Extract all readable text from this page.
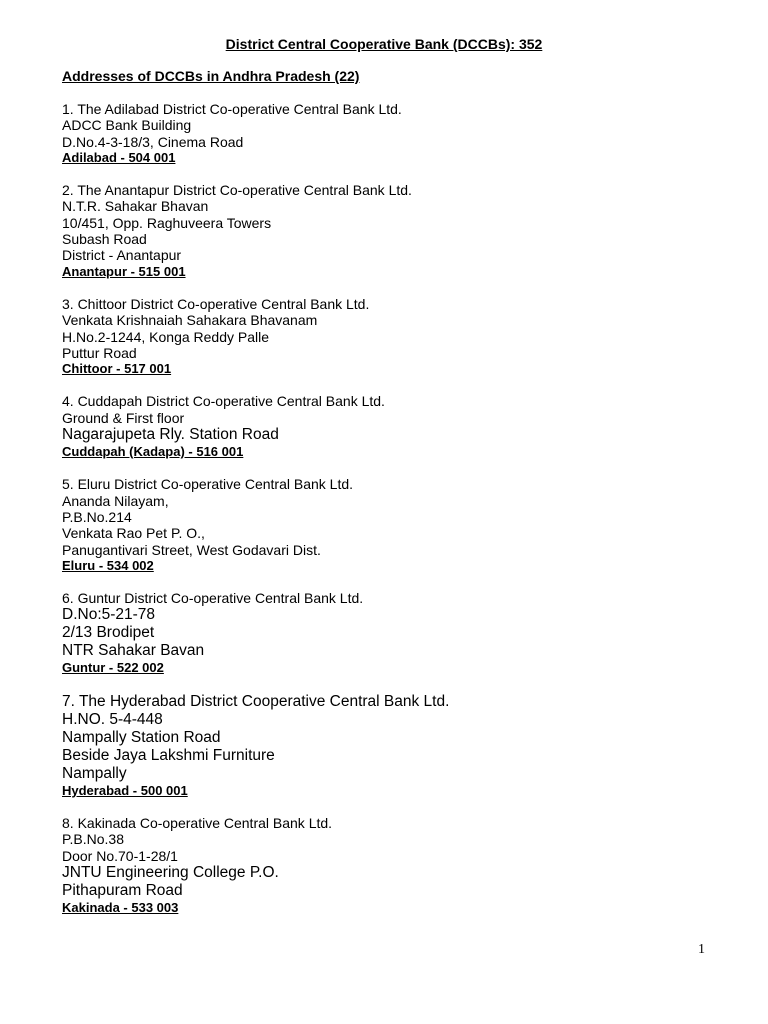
District Central Cooperative Bank (DCCBs): 352
Addresses of DCCBs in Andhra Pradesh (22)
1. The Adilabad District Co-operative Central Bank Ltd.
ADCC Bank Building
D.No.4-3-18/3, Cinema Road
Adilabad - 504 001
2. The Anantapur District Co-operative Central Bank Ltd.
N.T.R. Sahakar Bhavan
10/451, Opp. Raghuveera Towers
Subash Road
District - Anantapur
Anantapur - 515 001
3. Chittoor District Co-operative Central Bank Ltd.
Venkata Krishnaiah Sahakara Bhavanam
H.No.2-1244, Konga Reddy Palle
Puttur Road
Chittoor - 517 001
4. Cuddapah District Co-operative Central Bank Ltd.
Ground & First floor
Nagarajupeta Rly. Station Road
Cuddapah (Kadapa) - 516 001
5. Eluru District Co-operative Central Bank Ltd.
Ananda Nilayam,
P.B.No.214
Venkata Rao Pet P. O.,
Panugantivari Street, West Godavari Dist.
Eluru - 534 002
6. Guntur District Co-operative Central Bank Ltd.
D.No:5-21-78
2/13 Brodipet
NTR Sahakar Bavan
Guntur - 522 002
7. The Hyderabad District Cooperative Central Bank Ltd.
H.NO. 5-4-448
Nampally Station Road
Beside Jaya Lakshmi Furniture
Nampally
Hyderabad - 500 001
8. Kakinada Co-operative Central Bank Ltd.
P.B.No.38
Door No.70-1-28/1
JNTU Engineering College P.O.
Pithapuram Road
Kakinada - 533 003
1
